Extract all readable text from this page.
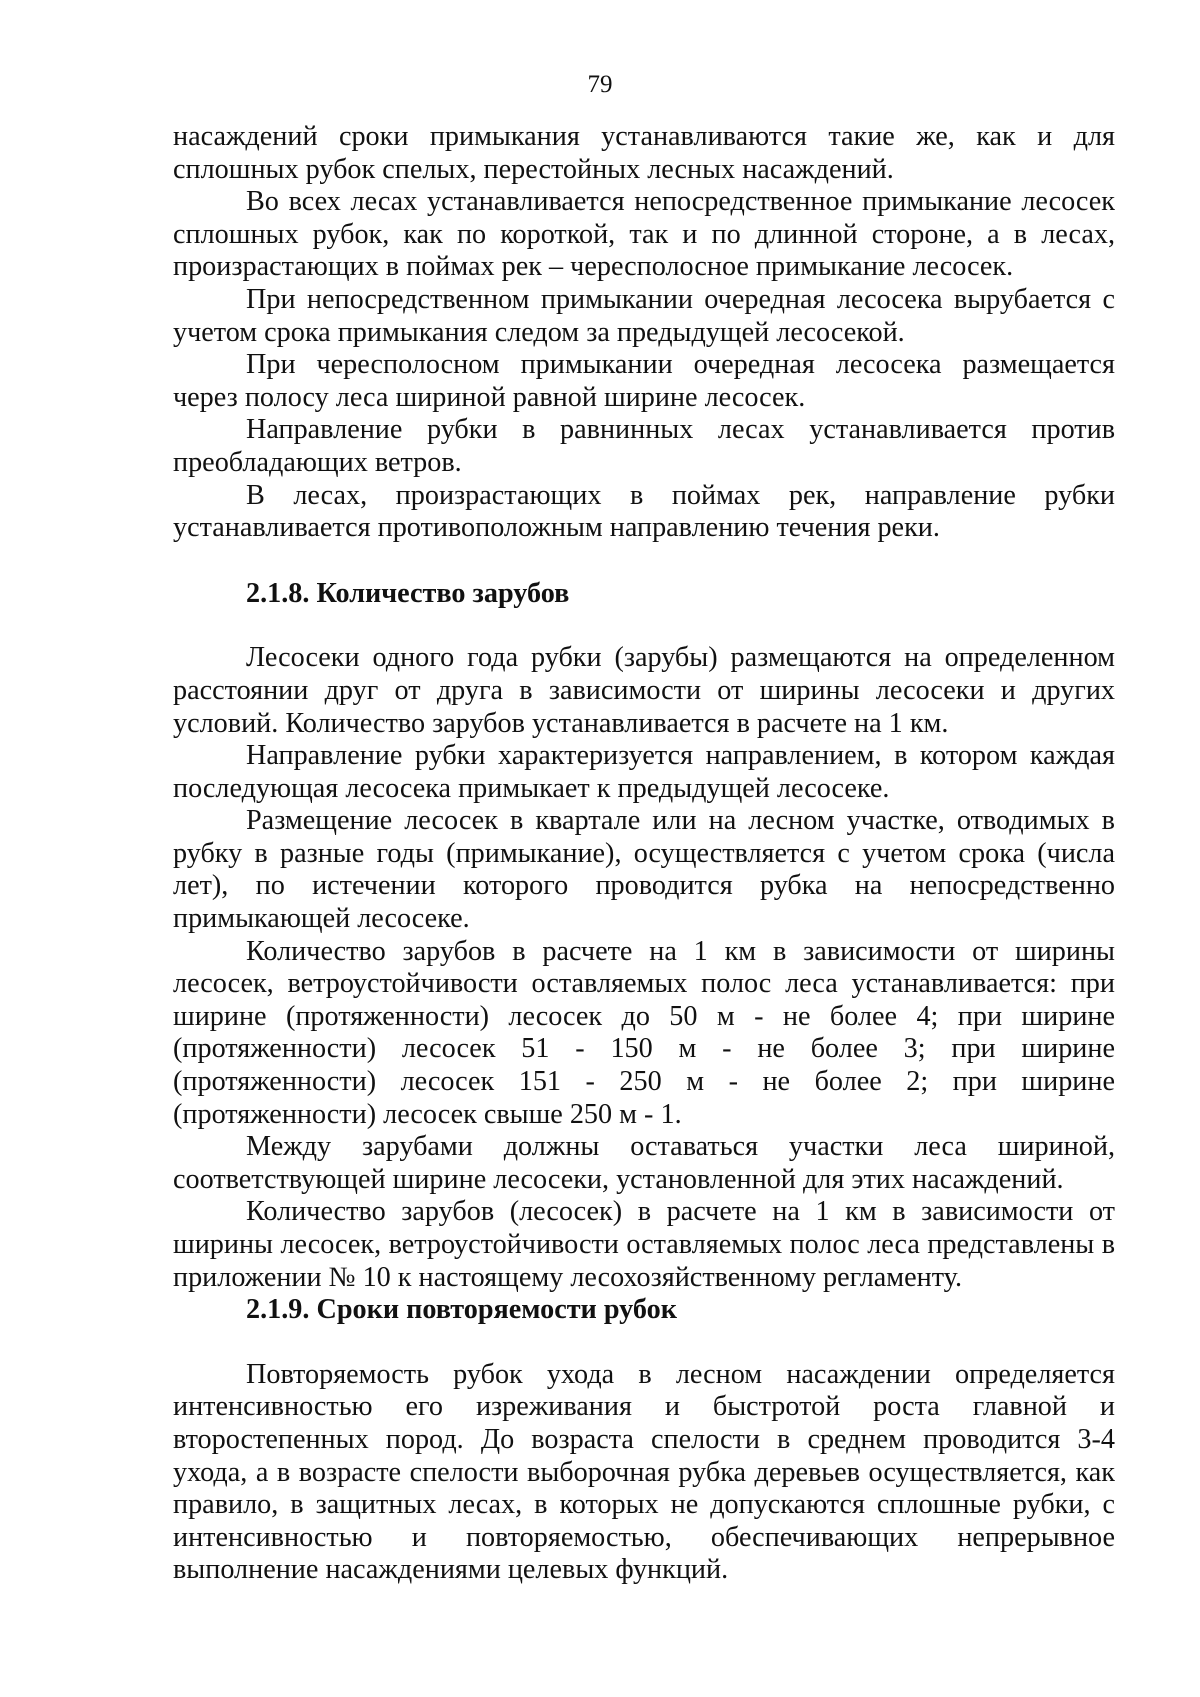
79

насаждений сроки примыкания устанавливаются такие же, как и для сплошных рубок спелых, перестойных лесных насаждений.

Во всех лесах устанавливается непосредственное примыкание лесосек сплошных рубок, как по короткой, так и по длинной стороне, а в лесах, произрастающих в поймах рек – чересполосное примыкание лесосек.

При непосредственном примыкании очередная лесосека вырубается с учетом срока примыкания следом за предыдущей лесосекой.

При чересполосном примыкании очередная лесосека размещается через полосу леса шириной равной ширине лесосек.

Направление рубки в равнинных лесах устанавливается против преобладающих ветров.

В лесах, произрастающих в поймах рек, направление рубки устанавливается противоположным направлению течения реки.

2.1.8. Количество зарубов

Лесосеки одного года рубки (зарубы) размещаются на определенном расстоянии друг от друга в зависимости от ширины лесосеки и других условий. Количество зарубов устанавливается в расчете на 1 км.

Направление рубки характеризуется направлением, в котором каждая последующая лесосека примыкает к предыдущей лесосеке.

Размещение лесосек в квартале или на лесном участке, отводимых в рубку в разные годы (примыкание), осуществляется с учетом срока (числа лет), по истечении которого проводится рубка на непосредственно примыкающей лесосеке.

Количество зарубов в расчете на 1 км в зависимости от ширины лесосек, ветроустойчивости оставляемых полос леса устанавливается: при ширине (протяженности) лесосек до 50 м - не более 4; при ширине (протяженности) лесосек 51 - 150 м - не более 3; при ширине (протяженности) лесосек 151 - 250 м - не более 2; при ширине (протяженности) лесосек свыше 250 м - 1.

Между зарубами должны оставаться участки леса шириной, соответствующей ширине лесосеки, установленной для этих насаждений.

Количество зарубов (лесосек) в расчете на 1 км в зависимости от ширины лесосек, ветроустойчивости оставляемых полос леса представлены в приложении № 10 к настоящему лесохозяйственному регламенту.

2.1.9. Сроки повторяемости рубок

Повторяемость рубок ухода в лесном насаждении определяется интенсивностью его изреживания и быстротой роста главной и второстепенных пород. До возраста спелости в среднем проводится 3-4 ухода, а в возрасте спелости выборочная рубка деревьев осуществляется, как правило, в защитных лесах, в которых не допускаются сплошные рубки, с интенсивностью и повторяемостью, обеспечивающих непрерывное выполнение насаждениями целевых функций.
